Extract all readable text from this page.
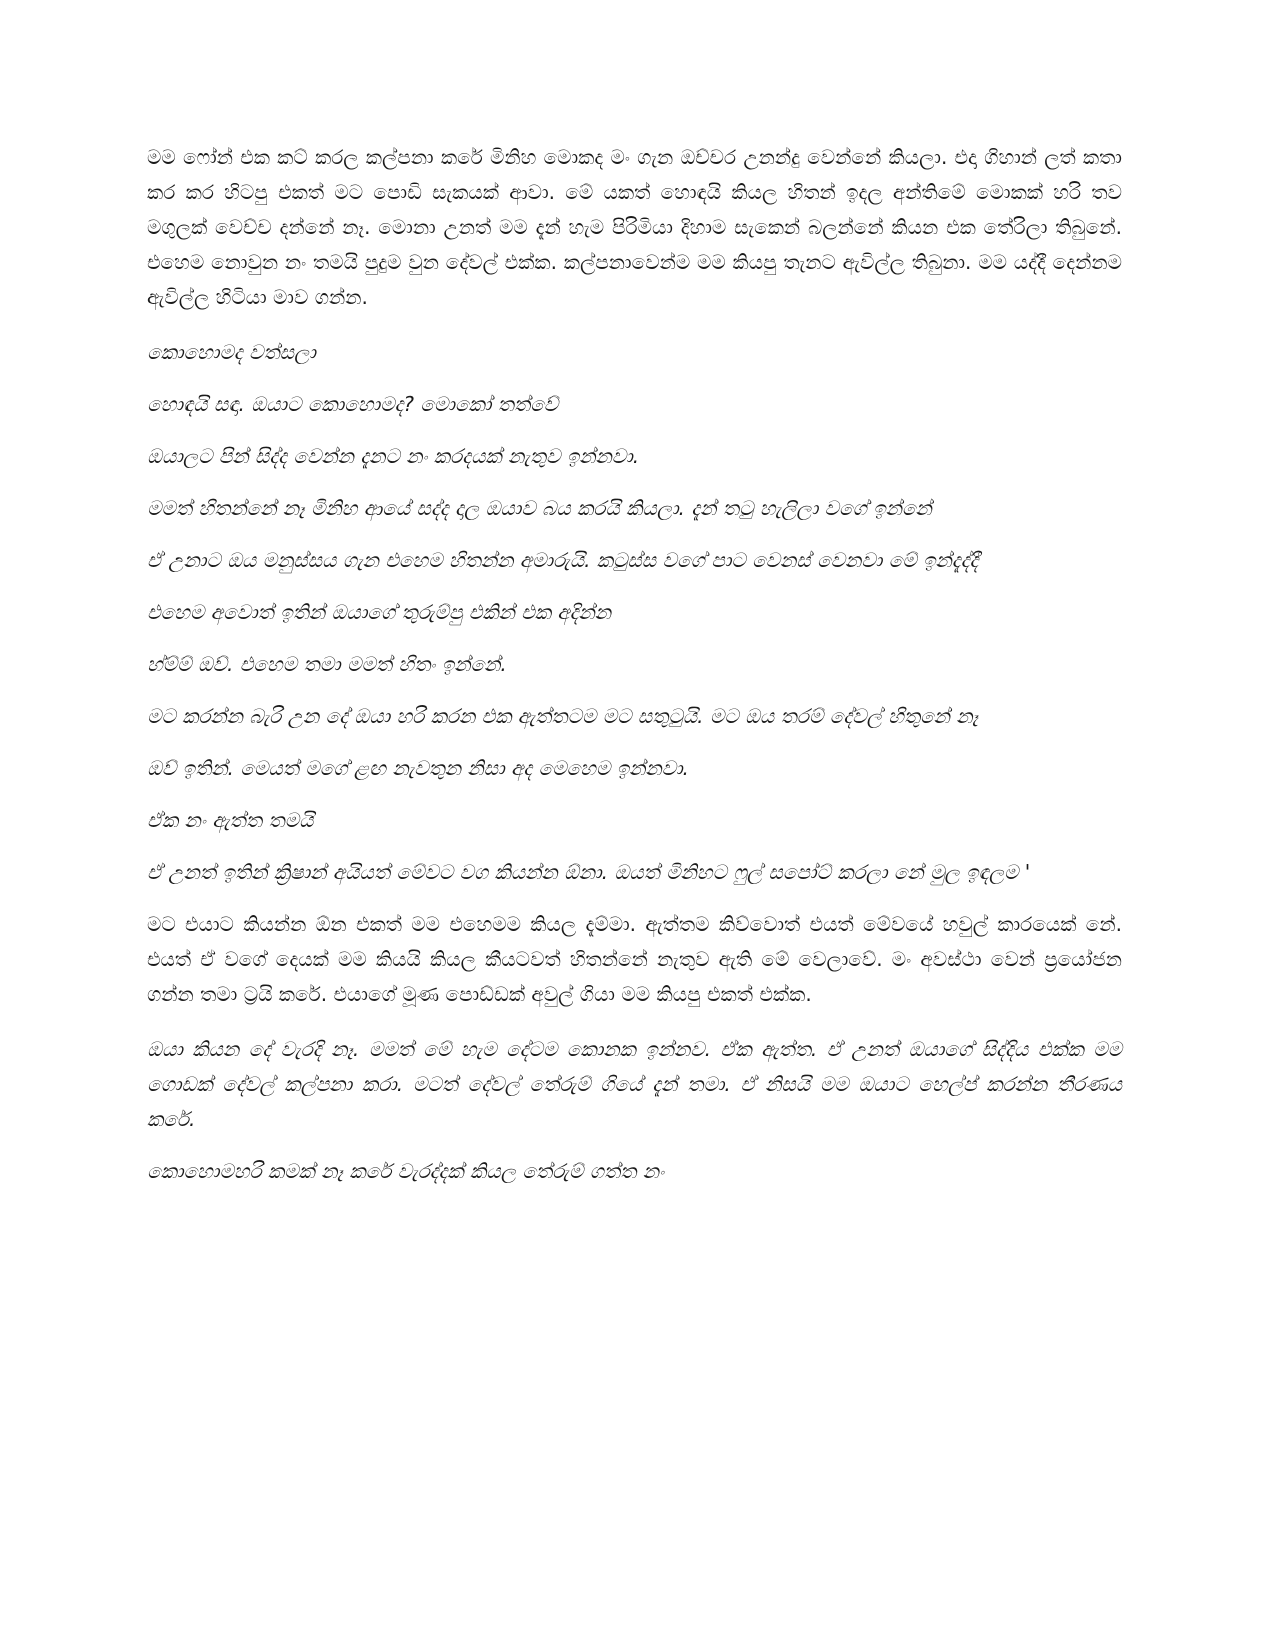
මම ෆෝන් එක කට් කරල කල්පනා කරේ මිනිහ මොකද මං ගැන ඔච්චර උනන්දු වෙන්නේ කියලා. එදා ගිහාන් ලත් කතා කර කර හිටපු එකත් මට පොඩි සැකයක් ආවා. මේ යකත් හොඳයි කියල හිතන් ඉදල අන්තිමේ මොකක් හරි තව මගුලක් වෙච්ච දන්නේ නෑ. මොනා උනත් මම දැන් හැම පිරිමියා දිහාම සැකෙන් බලන්නේ කියන එක තේරිලා තිබුනේ. එහෙම නොවුන නං තමයි පුදුම වුන දේවල් එක්ක. කල්පනාවෙන්ම මම කියපු තැනට ඇවිල්ල තිබුනා. මම යද්දී දෙන්නම ඇවිල්ල හිටියා මාව ගන්න.

කොහොමද වත්සලා

හොඳයි සඳා. ඔයාට කොහොමද? මොකෝ තත්වේ

ඔයාලට පින් සිද්ද වෙන්න දැනට නං කරදයක් නැතුව ඉන්නවා.

මමත් හිතන්නේ නෑ මිනිහ ආයේ සද්ද දාල ඔයාව බය කරයි කියලා. දැන් තටු හැලිලා වගේ ඉන්නේ

ඒ උනාට ඔය මනුස්සය ගැන එහෙම හිතන්න අමාරුයි. කටුස්ස වගේ පාට වෙනස් වෙනවා මේ ඉන්දැද්දී

එහෙම අවොත් ඉතින් ඔයාගේ තුරුම්පු එකින් එක අදින්න

හ්ම්ම් ඔව්. එහෙම තමා මමත් හිතං ඉන්නේ.

මට කරන්න බැරි උන දේ ඔයා හරි කරන එක ඇත්තටම මට සතුටුයි. මට ඔය තරම් දේවල් හිතුනේ නෑ

ඔව් ඉතින්. මෙයත් මගේ ළඟ නැවතුන නිසා අද මෙහෙම ඉන්නවා.

ඒක නං ඇත්ත තමයි

ඒ උනත් ඉතින් ක්‍රිෂාන් අයියත් මේවට වග කියන්න ඕනා. ඔයත් මිනිහට ෆුල් සපෝට් කරලා නේ මුල ඉඳලම '

මට එයාට කියන්න ඕන එකත් මම එහෙමම කියල දැම්මා. ඇත්තම කිව්වොත් එයත් මේවයේ හවුල් කාරයෙක් නේ. එයත් ඒ වගේ දෙයක් මම කියයි කියල කීයටවත් හිතන්නේ නැතුව ඇති මේ වෙලාවේ. මං අවස්ථා වෙන් ප්‍රයෝජන ගන්න තමා ට්‍රයි කරේ. එයාගේ මූණ පොඩ්ඩක් අවුල් ගියා මම කියපු එකත් එක්ක.

ඔයා කියන දේ වැරදි නෑ. මමත් මේ හැම දේටම කොනක ඉන්නව. ඒක ඇත්ත. ඒ උනත් ඔයාගේ සිද්දිය එක්ක මම ගොඩක් දේවල් කල්පනා කරා. මටත් දේවල් තේරුම් ගියේ දැන් තමා. ඒ නිසයි මම ඔයාට හෙල්ප් කරන්න තීරණය කරේ.

කොහොමහරි කමක් නෑ කරේ වැරද්දක් කියල තේරුම් ගත්ත නං
